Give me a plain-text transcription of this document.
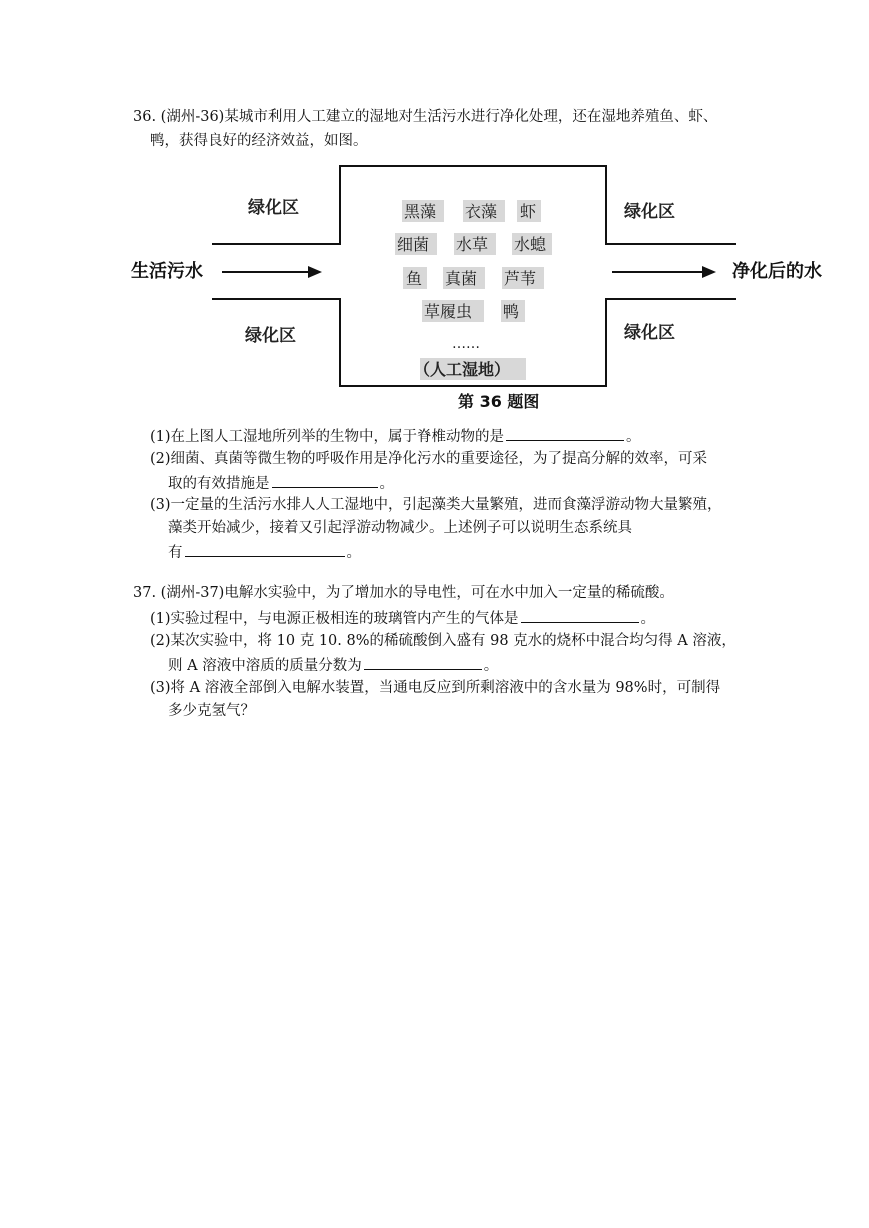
36. (湖州-36)某城市利用人工建立的湿地对生活污水进行净化处理，还在湿地养殖鱼、虾、
鸭，获得良好的经济效益，如图。
绿化区	绿化区
绿化区	绿化区
生活污水	净化后的水
黑藻 衣藻 虾
细菌 水草 水螅
鱼 真菌 芦苇
草履虫 鸭
……
（人工湿地）
第 36 题图
(1)在上图人工湿地所列举的生物中，属于脊椎动物的是	。
(2)细菌、真菌等微生物的呼吸作用是净化污水的重要途径，为了提高分解的效率，可采
取的有效措施是	。
(3)一定量的生活污水排人人工湿地中，引起藻类大量繁殖，进而食藻浮游动物大量繁殖，
藻类开始减少，接着又引起浮游动物减少。上述例子可以说明生态系统具
有	。
37. (湖州-37)电解水实验中，为了增加水的导电性，可在水中加入一定量的稀硫酸。
(1)实验过程中，与电源正极相连的玻璃管内产生的气体是	。
(2)某次实验中，将 10 克 10. 8%的稀硫酸倒入盛有 98 克水的烧杯中混合均匀得 A 溶液，
则 A 溶液中溶质的质量分数为	。
(3)将 A 溶液全部倒入电解水装置，当通电反应到所剩溶液中的含水量为 98%时，可制得
多少克氢气？
